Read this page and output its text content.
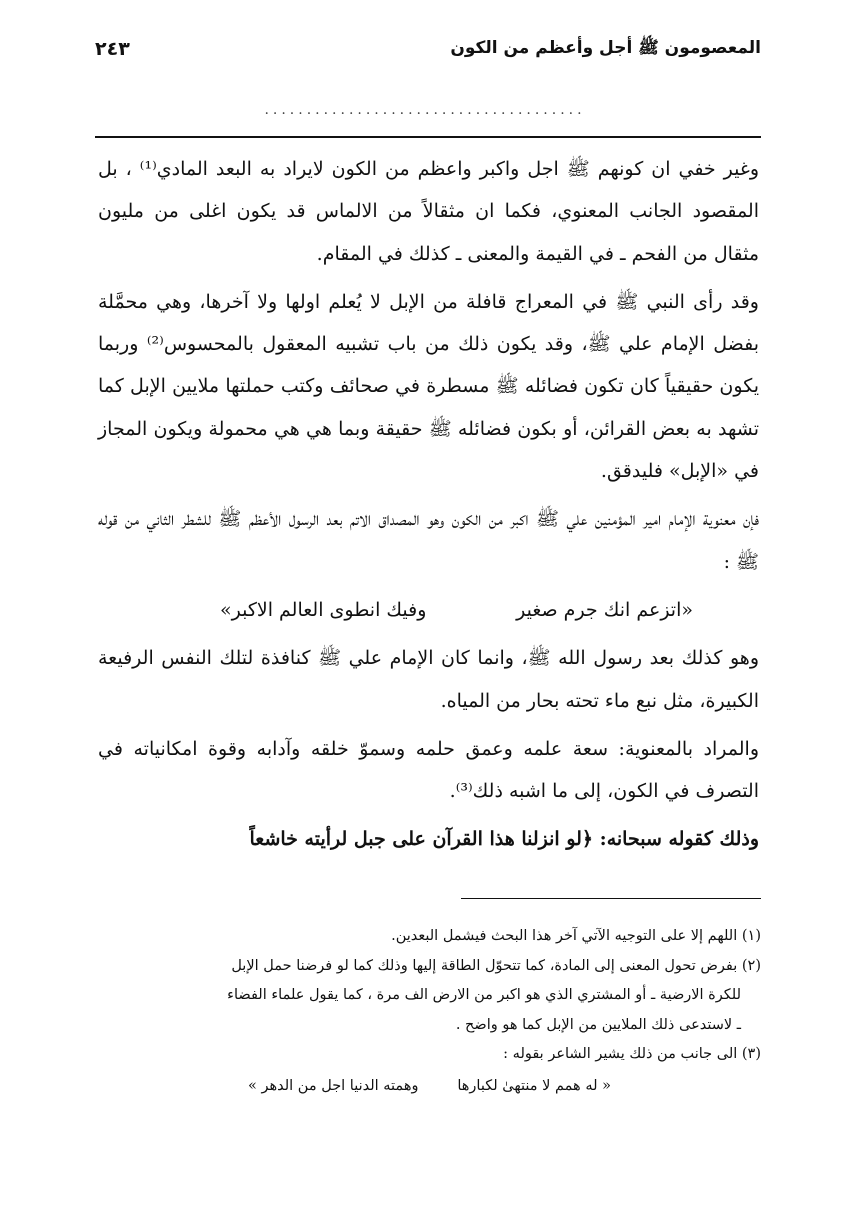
المعصومون ﷺ أجل وأعظم من الكون
٢٤٣
......................................

وغير خفي ان كونهم ﷺ اجل واكبر واعظم من الكون لايراد به البعد المادي⁽¹⁾ ، بل المقصود الجانب المعنوي، فكما ان مثقالاً من الالماس قد يكون اغلى من مليون مثقال من الفحم ـ في القيمة والمعنى ـ كذلك في المقام.

وقد رأى النبي ﷺ في المعراج قافلة من الإبل لا يُعلم اولها ولا آخرها، وهي محمَّلة بفضل الإمام علي ﷺ، وقد يكون ذلك من باب تشبيه المعقول بالمحسوس⁽²⁾ وربما يكون حقيقياً كان تكون فضائله ﷺ مسطرة في صحائف وكتب حملتها ملايين الإبل كما تشهد به بعض القرائن، أو بكون فضائله ﷺ حقيقة وبما هي هي محمولة ويكون المجاز في «الإبل» فليدقق.

فإن معنوية الإمام امير المؤمنين علي ﷺ اكبر من الكون وهو المصداق الاتم بعد الرسول الأعظم ﷺ للشطر الثاني من قوله ﷺ :

«اتزعم انك جرم صغير
وفيك انطوى العالم الاكبر»

وهو كذلك بعد رسول الله ﷺ، وانما كان الإمام علي ﷺ كنافذة لتلك النفس الرفيعة الكبيرة، مثل نبع ماء تحته بحار من المياه.

والمراد بالمعنوية: سعة علمه وعمق حلمه وسموّ خلقه وآدابه وقوة امكانياته في التصرف في الكون، إلى ما اشبه ذلك⁽³⁾.

وذلك كقوله سبحانه: ﴿لو انزلنا هذا القرآن على جبل لرأيته خاشعاً

(١) اللهم إلا على التوجيه الآتي آخر هذا البحث فيشمل البعدين.

(٢) بفرض تحول المعنى إلى المادة، كما تتحوّل الطاقة إليها وذلك كما لو فرضنا حمل الإبل

للكرة الارضية ـ أو المشتري الذي هو اكبر من الارض الف مرة ، كما يقول علماء الفضاء

ـ لاستدعى ذلك الملايين من الإبل كما هو واضح .

(٣) الى جانب من ذلك يشير الشاعر بقوله :

« له همم لا منتهىٰ لكبارها
وهمته الدنيا اجل من الدهر »
